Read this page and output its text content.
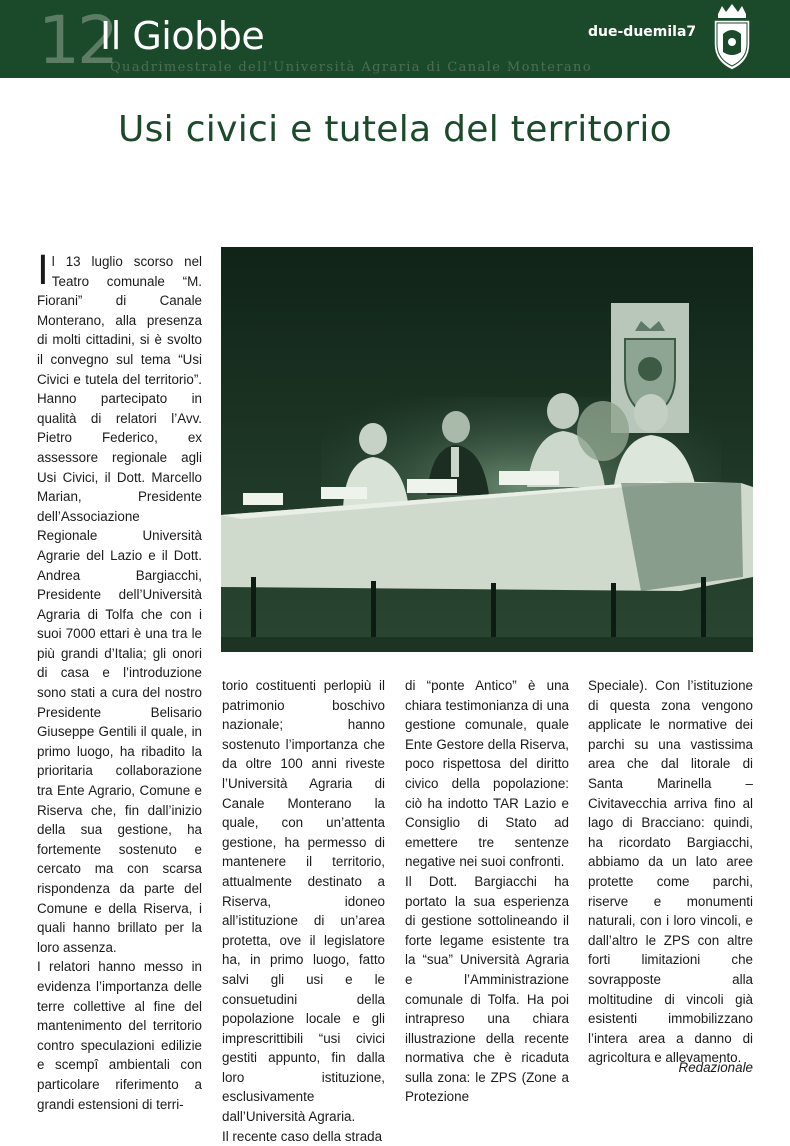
12
Il Giobbe
Quadrimestrale dell'Università Agraria di Canale Monterano
due-duemila7
Usi civici e tutela del territorio

Il 13 luglio scorso nel Teatro comunale “M. Fiorani” di Canale Monterano, alla presenza di molti cittadini, si è svolto il convegno sul tema “Usi Civici e tutela del territorio”. Hanno partecipato in qualità di relatori l’Avv. Pietro Federico, ex assessore regionale agli Usi Civici, il Dott. Marcello Marian, Presidente dell’Associazione Regionale Università Agrarie del Lazio e il Dott. Andrea Bargiacchi, Presidente dell’Università Agraria di Tolfa che con i suoi 7000 ettari è una tra le più grandi d’Italia; gli onori di casa e l’introduzione sono stati a cura del nostro Presidente Belisario Giuseppe Gentili il quale, in primo luogo, ha ribadito la prioritaria collaborazione tra Ente Agrario, Comune e Riserva che, fin dall’inizio della sua gestione, ha fortemente sostenuto e cercato ma con scarsa rispondenza da parte del Comune e della Riserva, i quali hanno brillato per la loro assenza.

I relatori hanno messo in evidenza l’importanza delle terre collettive al fine del mantenimento del territorio contro speculazioni edilizie e scempî ambientali con particolare riferimento a grandi estensioni di terri-

torio costituenti perlopiù il patrimonio boschivo nazionale; hanno sostenuto l’importanza che da oltre 100 anni riveste l’Università Agraria di Canale Monterano la quale, con un’attenta gestione, ha permesso di mantenere il territorio, attualmente destinato a Riserva, idoneo all’istituzione di un’area protetta, ove il legislatore ha, in primo luogo, fatto salvi gli usi e le consuetudini della popolazione locale e gli imprescrittibili “usi civici gestiti appunto, fin dalla loro istituzione, esclusivamente dall’Università Agraria.

Il recente caso della strada

di “ponte Antico” è una chiara testimonianza di una gestione comunale, quale Ente Gestore della Riserva, poco rispettosa del diritto civico della popolazione: ciò ha indotto TAR Lazio e Consiglio di Stato ad emettere tre sentenze negative nei suoi confronti.

Il Dott. Bargiacchi ha portato la sua esperienza di gestione sottolineando il forte legame esistente tra la “sua” Università Agraria e l’Amministrazione comunale di Tolfa. Ha poi intrapreso una chiara illustrazione della recente normativa che è ricaduta sulla zona: le ZPS (Zone a Protezione

Speciale). Con l’istituzione di questa zona vengono applicate le normative dei parchi su una vastissima area che dal litorale di Santa Marinella – Civitavecchia arriva fino al lago di Bracciano: quindi, ha ricordato Bargiacchi, abbiamo da un lato aree protette come parchi, riserve e monumenti naturali, con i loro vincoli, e dall’altro le ZPS con altre forti limitazioni che sovrapposte alla moltitudine di vincoli già esistenti immobilizzano l’intera area a danno di agricoltura e allevamento.

Redazionale
